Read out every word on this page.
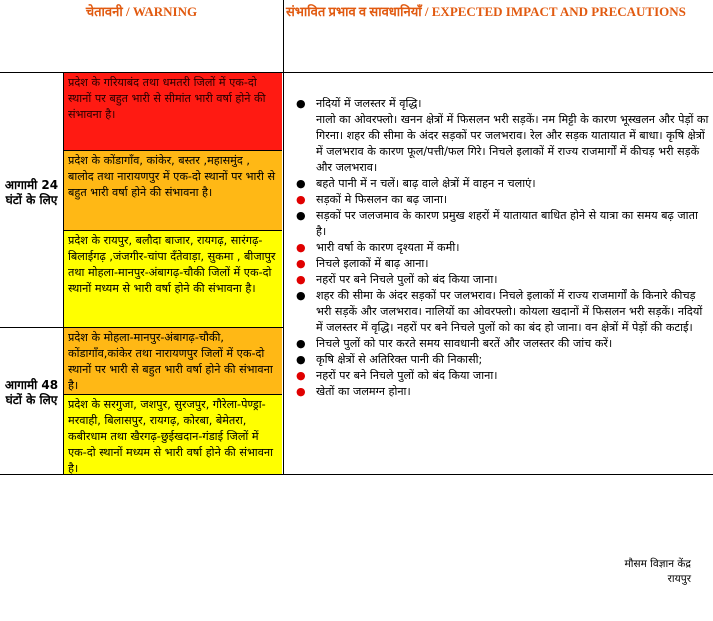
चेतावनी / WARNING	संभावित प्रभाव व सावधानियाँ / EXPECTED IMPACT AND PRECAUTIONS
आगामी 24 घंटों के लिए
आगामी 48 घंटों के लिए
प्रदेश के गरियाबंद तथा धमतरी जिलों में एक-दो स्थानों पर बहुत भारी से सीमांत भारी वर्षा होने की संभावना है।
प्रदेश के कोंडागाँव, कांकेर, बस्तर ,महासमुंद , बालोद तथा नारायणपुर में एक-दो स्थानों पर भारी से बहुत भारी वर्षा होने की संभावना है।
प्रदेश के रायपुर, बलौदा बाजार, रायगढ़, सारंगढ़-बिलाईगढ़ ,जंजगीर-चांपा दँतेवाड़ा, सुकमा , बीजापुर तथा मोहला-मानपुर-अंबागढ़-चौकी जिलों में एक-दो स्थानों मध्यम से भारी वर्षा होने की संभावना है।
प्रदेश के मोहला-मानपुर-अंबागढ़-चौकी, कोंडागाँव,कांकेर तथा नारायणपुर जिलों में एक-दो स्थानों पर भारी से बहुत भारी वर्षा होने की संभावना है।
प्रदेश के सरगुजा, जशपुर, सुरजपुर, गौरेला-पेण्ड्रा-मरवाही, बिलासपुर, रायगढ़, कोरबा, बेमेतरा, कबीरधाम तथा खैरगढ़-छुईखदान-गंडाई जिलों में एक-दो स्थानों मध्यम से भारी वर्षा होने की संभावना है।
● नदियों में जलस्तर में वृद्धि।
नालो का ओवरफ्लो। खनन क्षेत्रों में फिसलन भरी सड़कें। नम मिट्टी के कारण भूस्खलन और पेड़ों का गिरना। शहर की सीमा के अंदर सड़कों पर जलभराव। रेल और सड़क यातायात में बाधा। कृषि क्षेत्रों में जलभराव के कारण फूल/पत्ती/फल गिरे। निचले इलाकों में राज्य राजमार्गों में कीचड़ भरी सड़कें और जलभराव।
● बहते पानी में न चलें। बाढ़ वाले क्षेत्रों में वाहन न चलाएं।
● सड़कों मे फिसलन का बढ़ जाना।
● सड़कों पर जलजमाव के कारण प्रमुख शहरों में यातायात बाधित होने से यात्रा का समय बढ़ जाता है।
● भारी वर्षा के कारण दृश्यता में कमी।
● निचले इलाकों में बाढ़ आना।
● नहरों पर बने निचले पुलों को बंद किया जाना।
● शहर की सीमा के अंदर सड़कों पर जलभराव। निचले इलाकों में राज्य राजमार्गों के किनारे कीचड़ भरी सड़कें और जलभराव। नालियों का ओवरफ्लो। कोयला खदानों में फिसलन भरी सड़कें। नदियों में जलस्तर में वृद्धि। नहरों पर बने निचले पुलों को का बंद हो जाना। वन क्षेत्रों में पेड़ों की कटाई।
● निचले पुलों को पार करते समय सावधानी बरतें और जलस्तर की जांच करें।
● कृषि क्षेत्रों से अतिरिक्त पानी की निकासी;
● नहरों पर बने निचले पुलों को बंद किया जाना।
● खेतों का जलमग्न होना।
मौसम विज्ञान केंद्र
रायपुर
